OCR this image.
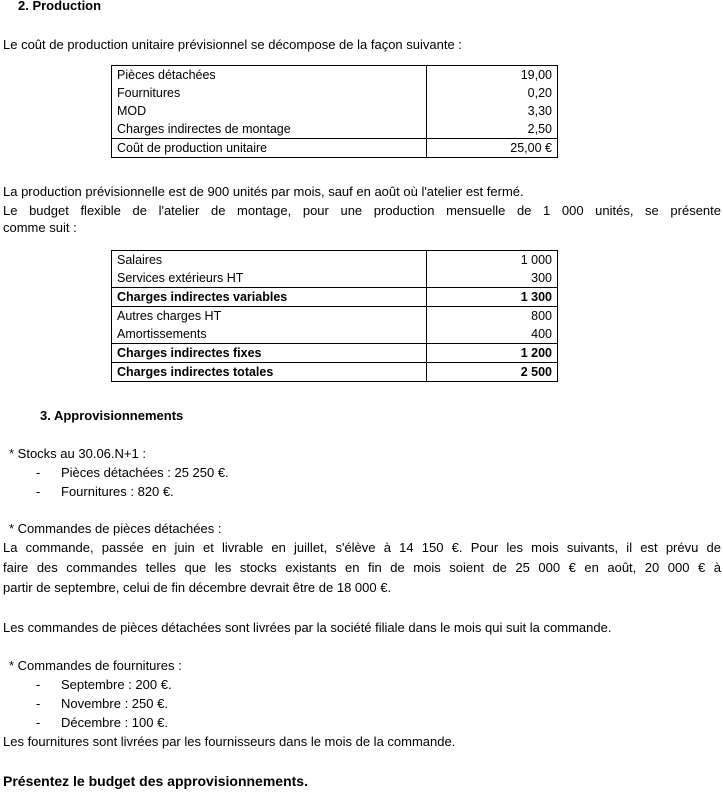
2. Production
Le coût de production unitaire prévisionnel se décompose de la façon suivante :
Pièces détachées	19,00
Fournitures	0,20
MOD	3,30
Charges indirectes de montage	2,50
Coût de production unitaire	25,00 €
La production prévisionnelle est de 900 unités par mois, sauf en août où l'atelier est fermé.
Le budget flexible de l'atelier de montage, pour une production mensuelle de 1 000 unités, se présente
comme suit :
Salaires	1 000
Services extérieurs HT	300
Charges indirectes variables	1 300
Autres charges HT	800
Amortissements	400
Charges indirectes fixes	1 200
Charges indirectes totales	2 500
3. Approvisionnements
* Stocks au 30.06.N+1 :
- Pièces détachées : 25 250 €.
- Fournitures : 820 €.
* Commandes de pièces détachées :
La commande, passée en juin et livrable en juillet, s'élève à 14 150 €. Pour les mois suivants, il est prévu de
faire des commandes telles que les stocks existants en fin de mois soient de 25 000 € en août, 20 000 € à
partir de septembre, celui de fin décembre devrait être de 18 000 €.
Les commandes de pièces détachées sont livrées par la société filiale dans le mois qui suit la commande.
* Commandes de fournitures :
- Septembre : 200 €.
- Novembre : 250 €.
- Décembre : 100 €.
Les fournitures sont livrées par les fournisseurs dans le mois de la commande.
Présentez le budget des approvisionnements.
